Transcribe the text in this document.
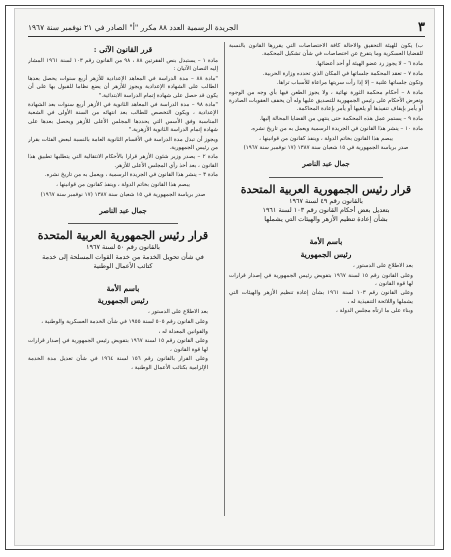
٣
الجريدة الرسمية العدد ٨٨ مكرر "أ" الصادر في ٢١ نوفمبر سنة ١٩٦٧

ب) يكون للهيئة التحقيق والاحالة كافة الاختصاصات التي يقررها القانون بالنسبة للقضايا العسكرية وما يتفرع عن اختصاصات في شأن تشكيل المحكمة.

مادة ٦ – لا يجوز رد عضو الهيئة أو أحد أعضائها.

مادة ٧ – تعقد المحكمة جلساتها في المكان الذي تحدده وزارة الحربية.

وتكون جلساتها علنية – إلا إذا رأت سريتها مراعاة للأسباب تراها.

مادة ٨ – أحكام محكمة الثورة نهائية ، ولا يجوز الطعن فيها بأي وجه من الوجوه وتعرض الأحكام على رئيس الجمهورية للتصديق عليها وله أن يخفف العقوبات الصادرة أو يأمر بإيقاف تنفيذها أو يلغيها أو يأمر بإعادة المحاكمة.

مادة ٩ – يستمر عمل هذه المحكمة حتى ينتهي من القضايا المحالة إليها.

مادة ١٠ – ينشر هذا القانون في الجريدة الرسمية ويعمل به من تاريخ نشره.

يبصم هذا القانون بخاتم الدولة ، وينفذ كقانون من قوانينها ،

صدر برياسة الجمهورية في ١٥ شعبان سنة ١٣٨٧ (١٧ نوفمبر سنة ١٩٦٧)

جمال عبد الناصر
قرار رئيس الجمهورية العربية المتحدة
بالقانون رقم ٤٩ لسنة ١٩٦٧
بتعديل بعض أحكام القانون رقم ١٠٣ لسنة ١٩٦١
بشأن إعادة تنظيم الأزهر والهيئات التي يشملها
باسم الأمة
رئيس الجمهورية

بعد الاطلاع على الدستور ،

وعلى القانون رقم ١٥ لسنة ١٩٦٧ بتفويض رئيس الجمهورية في إصدار قرارات لها قوة القانون ،

وعلى القانون رقم ١٠٣ لسنة ١٩٦١ بشأن إعادة تنظيم الأزهر والهيئات التي يشملها واللائحة التنفيذية له ،

وبناء على ما ارتآه مجلس الدولة ،

قرر القانون الآتى :

مادة ١ – يستبدل بنص الفقرتين ٨٨ ، ٩٨ من القانون رقم ١٠٣ لسنة ١٩٦١ المشار إليه النصان الآتيان :

"مادة ٨٨ – مدة الدراسة في المعاهد الإعدادية للأزهر أربع سنوات يحصل بعدها الطالب على الشهادة الإعدادية ويجوز للأزهر أن يضع نظاما للقبول بها على أن يكون قد حصل على شهادة إتمام الدراسة الابتدائية."

"مادة ٩٨ – مدة الدراسة في المعاهد الثانوية في الأزهر أربع سنوات بعد الشهادة الإعدادية ، ويكون التخصص للطالب بعد انتهائه من السنة الأولى في الشعبة المناسبة وفق الأسس التي يحددها المجلس الأعلى للأزهر ويحصل بعدها على شهادة إتمام الدراسة الثانوية الأزهرية."

ويجوز أن تبدل مدة الدراسة في الأقسام الثانوية العامة بالنسبة لبعض الفئات بقرار من رئيس الجمهورية.

مادة ٢ – يصدر وزير شئون الأزهر قرارا بالأحكام الانتقالية التي يتطلبها تطبيق هذا القانون ، بعد أخذ رأي المجلس الأعلى للأزهر.

مادة ٣ – ينشر هذا القانون في الجريدة الرسمية ، ويعمل به من تاريخ نشره.

يبصم هذا القانون بخاتم الدولة ، وينفذ كقانون من قوانينها ،

صدر برياسة الجمهورية في ١٥ شعبان سنة ١٣٨٧ (١٧ نوفمبر سنة ١٩٦٧)

جمال عبد الناصر
قرار رئيس الجمهورية العربية المتحدة
بالقانون رقم ٥٠ لسنة ١٩٦٧
في شأن تحويل الخدمة من خدمة القوات المسلحة إلى خدمة
كتائب الأعمال الوطنية
باسم الأمة
رئيس الجمهورية

بعد الاطلاع على الدستور ،

وعلى القانون رقم ٥٠٥ لسنة ١٩٥٥ في شأن الخدمة العسكرية والوطنية ،

والقوانين المعدلة له ،

وعلى القانون رقم ١٥ لسنة ١٩٦٧ بتفويض رئيس الجمهورية في إصدار قرارات لها قوة القانون ،

وعلى القرار بالقانون رقم ١٥٦ لسنة ١٩٦٤ في شأن تعديل مدة الخدمة الإلزامية بكتائب الأعمال الوطنية ،
